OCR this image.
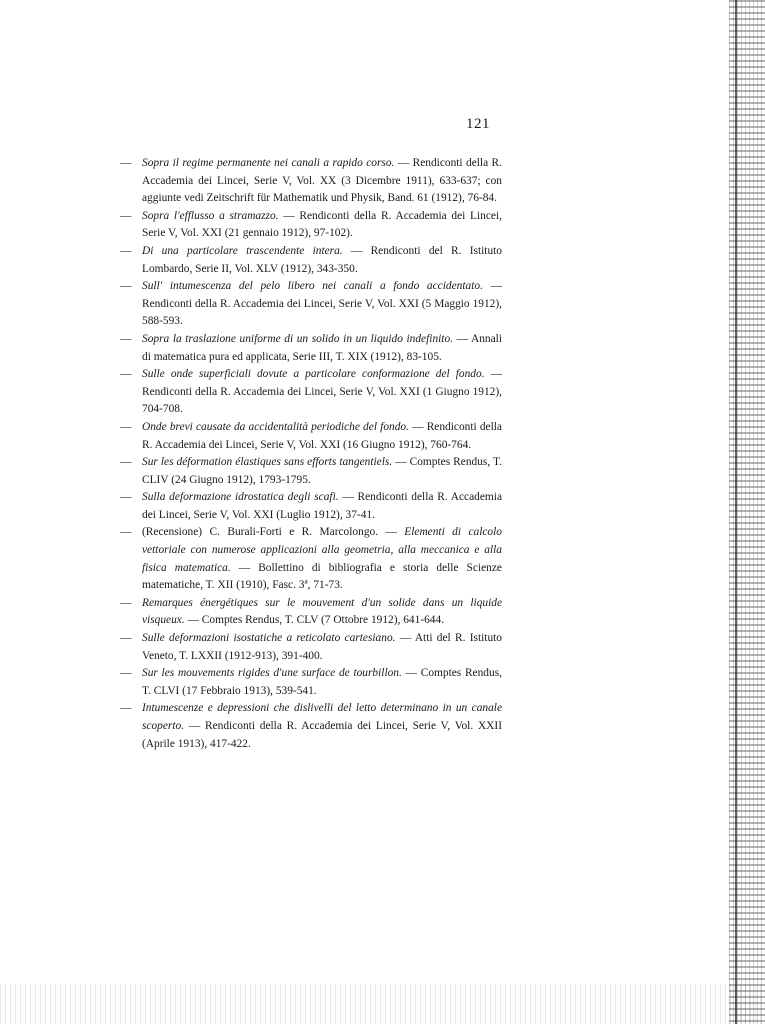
121
— Sopra il regime permanente nei canali a rapido corso. — Rendiconti della R. Accademia dei Lincei, Serie V, Vol. XX (3 Dicembre 1911), 633-637; con aggiunte vedi Zeitschrift für Mathematik und Physik, Band. 61 (1912), 76-84.
— Sopra l'efflusso a stramazzo. — Rendiconti della R. Accademia dei Lincei, Serie V, Vol. XXI (21 gennaio 1912), 97-102).
— Di una particolare trascendente intera. — Rendiconti del R. Istituto Lombardo, Serie II, Vol. XLV (1912), 343-350.
— Sull' intumescenza del pelo libero nei canali a fondo accidentato. — Rendiconti della R. Accademia dei Lincei, Serie V, Vol. XXI (5 Maggio 1912), 588-593.
— Sopra la traslazione uniforme di un solido in un liquido indefinito. — Annali di matematica pura ed applicata, Serie III, T. XIX (1912), 83-105.
— Sulle onde superficiali dovute a particolare conformazione del fondo. — Rendiconti della R. Accademia dei Lincei, Serie V, Vol. XXI (1 Giugno 1912), 704-708.
— Onde brevi causate da accidentalità periodiche del fondo. — Rendiconti della R. Accademia dei Lincei, Serie V, Vol. XXI (16 Giugno 1912), 760-764.
— Sur les déformation élastiques sans efforts tangentiels. — Comptes Rendus, T. CLIV (24 Giugno 1912), 1793-1795.
— Sulla deformazione idrostatica degli scafi. — Rendiconti della R. Accademia dei Lincei, Serie V, Vol. XXI (Luglio 1912), 37-41.
— (Recensione) C. Burali-Forti e R. Marcolongo. — Elementi di calcolo vettoriale con numerose applicazioni alla geometria, alla meccanica e alla fisica matematica. — Bollettino di bibliografia e storia delle Scienze matematiche, T. XII (1910), Fasc. 3ª, 71-73.
— Remarques énergétiques sur le mouvement d'un solide dans un liquide visqueux. — Comptes Rendus, T. CLV (7 Ottobre 1912), 641-644.
— Sulle deformazioni isostatiche a reticolato cartesiano. — Atti del R. Istituto Veneto, T. LXXII (1912-913), 391-400.
— Sur les mouvements rigides d'une surface de tourbillon. — Comptes Rendus, T. CLVI (17 Febbraio 1913), 539-541.
— Intumescenze e depressioni che dislivelli del letto determinano in un canale scoperto. — Rendiconti della R. Accademia dei Lincei, Serie V, Vol. XXII (Aprile 1913), 417-422.
